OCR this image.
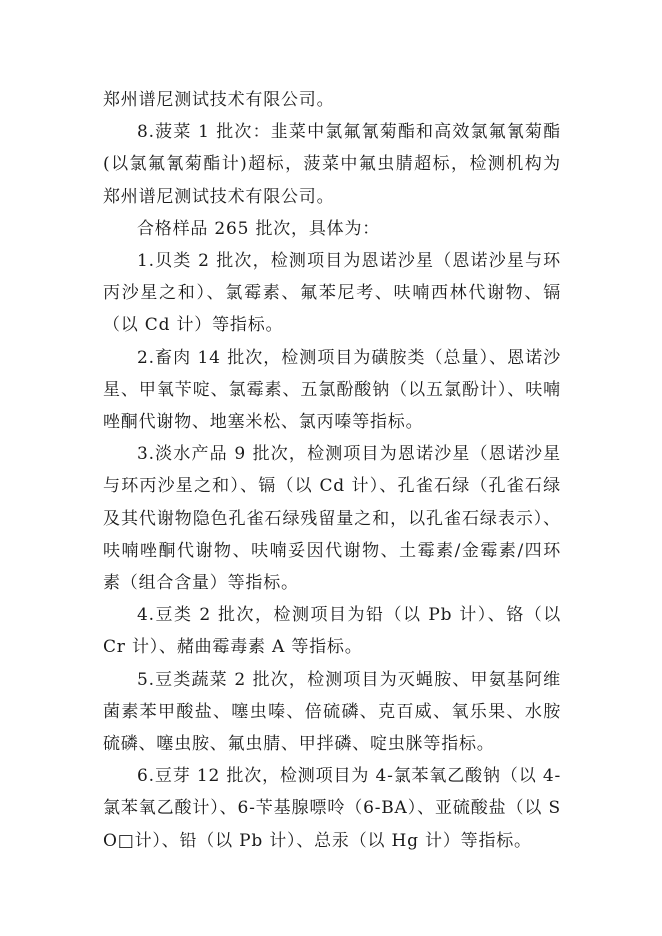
郑州谱尼测试技术有限公司。

8.菠菜 1 批次：韭菜中氯氟氰菊酯和高效氯氟氰菊酯(以氯氟氰菊酯计)超标，菠菜中氟虫腈超标，检测机构为郑州谱尼测试技术有限公司。

合格样品 265 批次，具体为：

1.贝类 2 批次，检测项目为恩诺沙星（恩诺沙星与环丙沙星之和）、氯霉素、氟苯尼考、呋喃西林代谢物、镉（以 Cd 计）等指标。

2.畜肉 14 批次，检测项目为磺胺类（总量）、恩诺沙星、甲氧苄啶、氯霉素、五氯酚酸钠（以五氯酚计）、呋喃唑酮代谢物、地塞米松、氯丙嗪等指标。

3.淡水产品 9 批次，检测项目为恩诺沙星（恩诺沙星与环丙沙星之和）、镉（以 Cd 计）、孔雀石绿（孔雀石绿及其代谢物隐色孔雀石绿残留量之和，以孔雀石绿表示）、呋喃唑酮代谢物、呋喃妥因代谢物、土霉素/金霉素/四环素（组合含量）等指标。

4.豆类 2 批次，检测项目为铅（以 Pb 计）、铬（以 Cr 计）、赭曲霉毒素 A 等指标。

5.豆类蔬菜 2 批次，检测项目为灭蝇胺、甲氨基阿维菌素苯甲酸盐、噻虫嗪、倍硫磷、克百威、氧乐果、水胺硫磷、噻虫胺、氟虫腈、甲拌磷、啶虫脒等指标。

6.豆芽 12 批次，检测项目为 4-氯苯氧乙酸钠（以 4-氯苯氧乙酸计）、6-苄基腺嘌呤（6-BA）、亚硫酸盐（以 SO□计）、铅（以 Pb 计）、总汞（以 Hg 计）等指标。
